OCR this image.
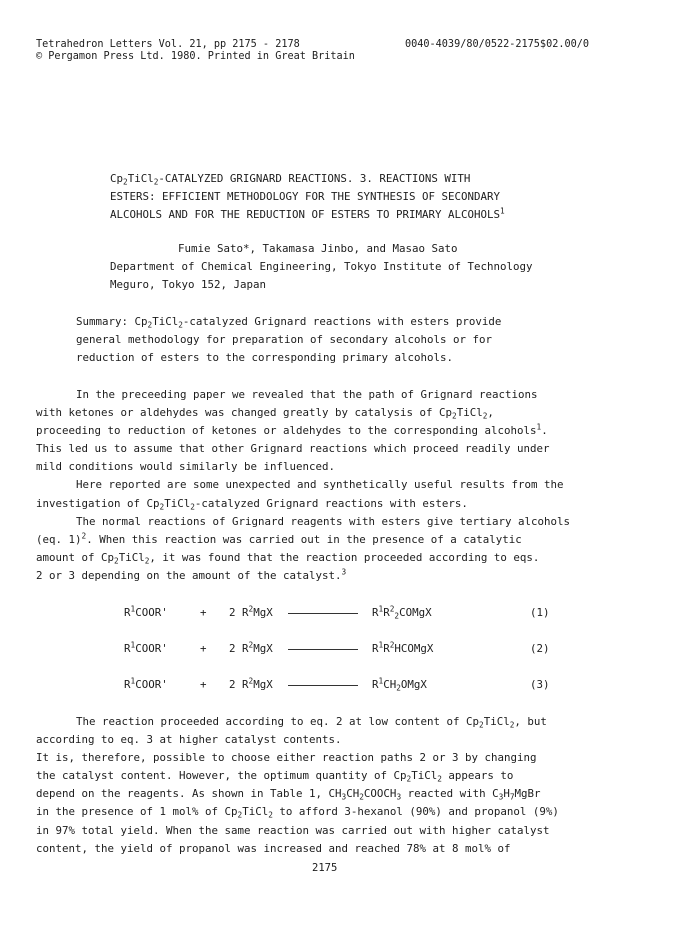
Tetrahedron Letters Vol. 21, pp 2175 - 2178
© Pergamon Press Ltd. 1980. Printed in Great Britain
0040-4039/80/0522-2175$02.00/0
$Cp_2TiCl_2$-CATALYZED GRIGNARD REACTIONS. 3. REACTIONS WITH
ESTERS: EFFICIENT METHODOLOGY FOR THE SYNTHESIS OF SECONDARY
ALCOHOLS AND FOR THE REDUCTION OF ESTERS TO PRIMARY ALCOHOLS$^1$
Fumie Sato*, Takamasa Jinbo, and Masao Sato
Department of Chemical Engineering, Tokyo Institute of Technology
Meguro, Tokyo 152, Japan
Summary: $Cp_2TiCl_2$-catalyzed Grignard reactions with esters provide
general methodology for preparation of secondary alcohols or for
reduction of esters to the corresponding primary alcohols.

In the preceeding paper we revealed that the path of Grignard reactions

with ketones or aldehydes was changed greatly by catalysis of $Cp_2TiCl_2$,

proceeding to reduction of ketones or aldehydes to the corresponding alcohols$^1$.

This led us to assume that other Grignard reactions which proceed readily under

mild conditions would similarly be influenced.

Here reported are some unexpected and synthetically useful results from the

investigation of $Cp_2TiCl_2$-catalyzed Grignard reactions with esters.

The normal reactions of Grignard reagents with esters give tertiary alcohols

(eq. 1)$^2$. When this reaction was carried out in the presence of a catalytic

amount of $Cp_2TiCl_2$, it was found that the reaction proceeded according to eqs.

2 or 3 depending on the amount of the catalyst.$^3$

$R^1COOR'$	+ 2 $R^2MgX$	$R^1R^2_2COMgX$	(1)
$R^1COOR'$	+ 2 $R^2MgX$	$R^1R^2HCOMgX$	(2)
$R^1COOR'$	+ 2 $R^2MgX$	$R^1CH_2OMgX$	(3)

The reaction proceeded according to eq. 2 at low content of $Cp_2TiCl_2$, but

according to eq. 3 at higher catalyst contents.

It is, therefore, possible to choose either reaction paths 2 or 3 by changing

the catalyst content. However, the optimum quantity of $Cp_2TiCl_2$ appears to

depend on the reagents. As shown in Table 1, $CH_3CH_2COOCH_3$ reacted with $C_3H_7MgBr$

in the presence of 1 mol% of $Cp_2TiCl_2$ to afford 3-hexanol (90%) and propanol (9%)

in 97% total yield. When the same reaction was carried out with higher catalyst

content, the yield of propanol was increased and reached 78% at 8 mol% of

2175
